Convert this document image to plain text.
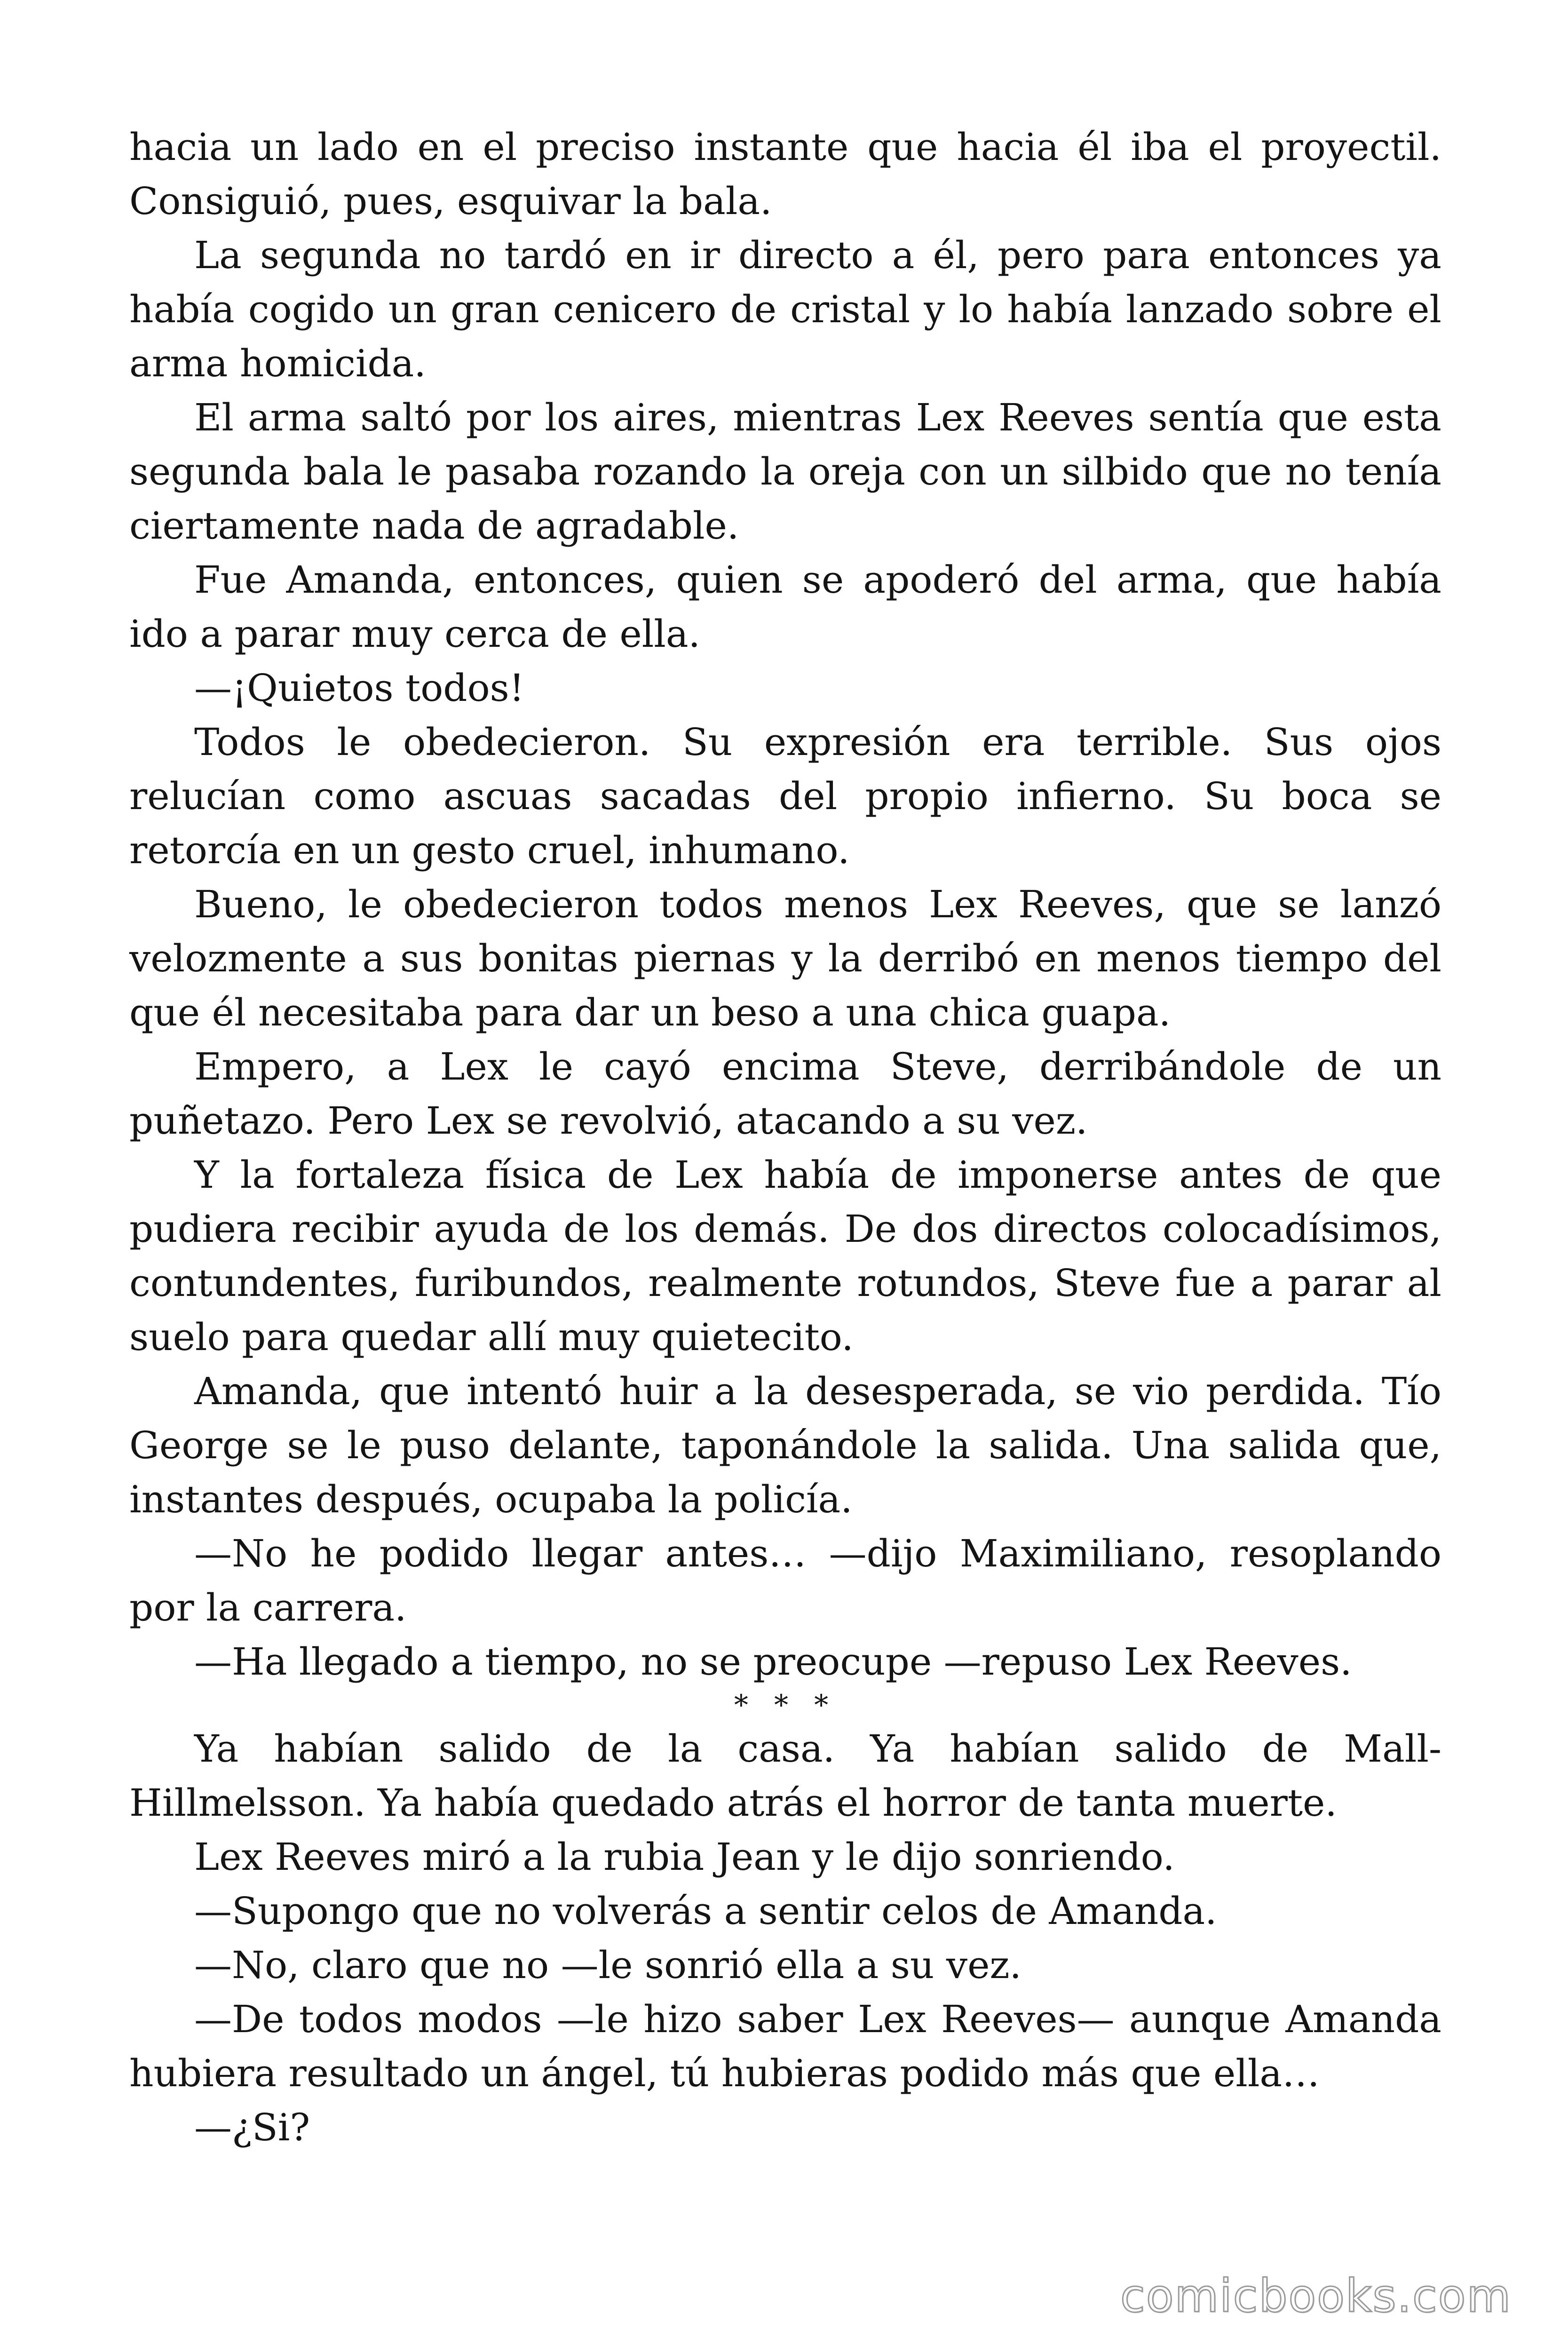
hacia un lado en el preciso instante que hacia él iba el proyectil. Consiguió, pues, esquivar la bala.

La segunda no tardó en ir directo a él, pero para entonces ya había cogido un gran cenicero de cristal y lo había lanzado sobre el arma homicida.

El arma saltó por los aires, mientras Lex Reeves sentía que esta segunda bala le pasaba rozando la oreja con un silbido que no tenía ciertamente nada de agradable.

Fue Amanda, entonces, quien se apoderó del arma, que había ido a parar muy cerca de ella.

—¡Quietos todos!

Todos le obedecieron. Su expresión era terrible. Sus ojos relucían como ascuas sacadas del propio infierno. Su boca se retorcía en un gesto cruel, inhumano.

Bueno, le obedecieron todos menos Lex Reeves, que se lanzó velozmente a sus bonitas piernas y la derribó en menos tiempo del que él necesitaba para dar un beso a una chica guapa.

Empero, a Lex le cayó encima Steve, derribándole de un puñetazo. Pero Lex se revolvió, atacando a su vez.

Y la fortaleza física de Lex había de imponerse antes de que pudiera recibir ayuda de los demás. De dos directos colocadísimos, contundentes, furibundos, realmente rotundos, Steve fue a parar al suelo para quedar allí muy quietecito.

Amanda, que intentó huir a la desesperada, se vio perdida. Tío George se le puso delante, taponándole la salida. Una salida que, instantes después, ocupaba la policía.

—No he podido llegar antes… —dijo Maximiliano, resoplando por la carrera.

—Ha llegado a tiempo, no se preocupe —repuso Lex Reeves.

* * *

Ya habían salido de la casa. Ya habían salido de Mall-Hillmelsson. Ya había quedado atrás el horror de tanta muerte.

Lex Reeves miró a la rubia Jean y le dijo sonriendo.

—Supongo que no volverás a sentir celos de Amanda.

—No, claro que no —le sonrió ella a su vez.

—De todos modos —le hizo saber Lex Reeves— aunque Amanda hubiera resultado un ángel, tú hubieras podido más que ella…

—¿Si?

comicbooks.com
